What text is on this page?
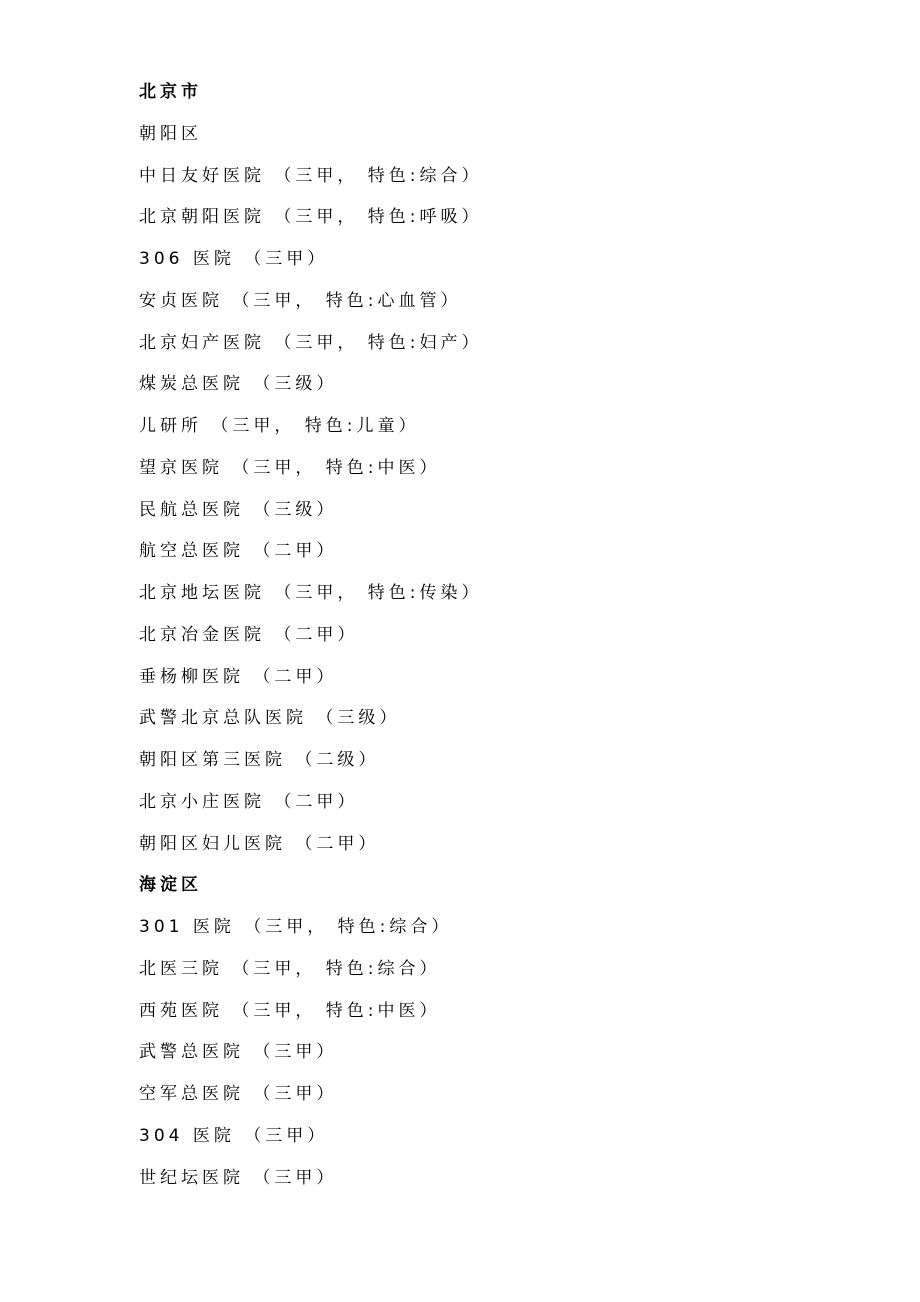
北京市
朝阳区
中日友好医院 （三甲， 特色:综合）
北京朝阳医院 （三甲， 特色:呼吸）
306 医院 （三甲）
安贞医院 （三甲， 特色:心血管）
北京妇产医院 （三甲， 特色:妇产）
煤炭总医院 （三级）
儿研所 （三甲， 特色:儿童）
望京医院 （三甲， 特色:中医）
民航总医院 （三级）
航空总医院 （二甲）
北京地坛医院 （三甲， 特色:传染）
北京冶金医院 （二甲）
垂杨柳医院 （二甲）
武警北京总队医院 （三级）
朝阳区第三医院 （二级）
北京小庄医院 （二甲）
朝阳区妇儿医院 （二甲）
海淀区
301 医院 （三甲， 特色:综合）
北医三院 （三甲， 特色:综合）
西苑医院 （三甲， 特色:中医）
武警总医院 （三甲）
空军总医院 （三甲）
304 医院 （三甲）
世纪坛医院 （三甲）
